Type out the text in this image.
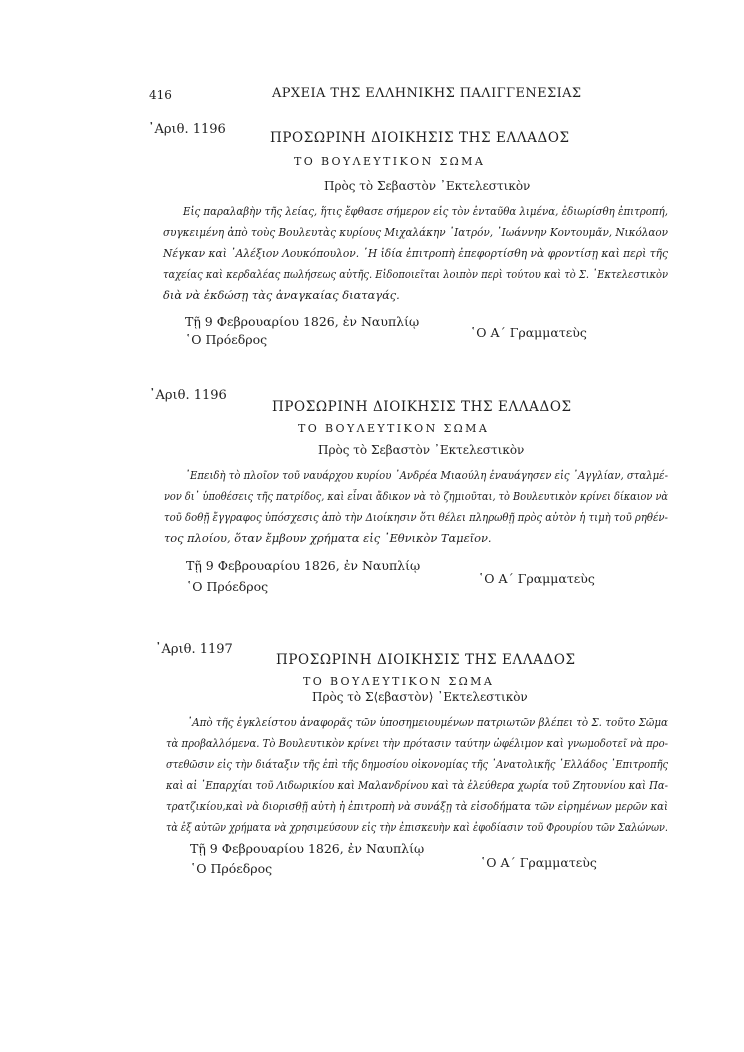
416	ΑΡΧΕΙΑ ΤΗΣ ΕΛΛΗΝΙΚΗΣ ΠΑΛΙΓΓΕΝΕΣΙΑΣ
᾿Αριθ. 1196
ΠΡΟΣΩΡΙΝΗ ΔΙΟΙΚΗΣΙΣ ΤΗΣ ΕΛΛΑΔΟΣ
ΤΟ ΒΟΥΛΕΥΤΙΚΟΝ ΣΩΜΑ
Πρὸς τὸ Σεβαστὸν ᾿Εκτελεστικὸν
Εἰς παραλαβὴν τῆς λείας, ἥτις ἔφθασε σήμερον εἰς τὸν ἐνταῦθα λιμένα, ἐδιωρίσθη ἐπιτροπή,
συγκειμένη ἀπὸ τοὺς Βουλευτὰς κυρίους Μιχαλάκην ᾿Ιατρόν, ᾿Ιωάννην Κοντουμᾶν, Νικόλαον
Νέγκαν καὶ ᾿Αλέξιον Λουκόπουλον. ῾Η ἰδία ἐπιτροπὴ ἐπεφορτίσθη νὰ φροντίσῃ καὶ περὶ τῆς
ταχείας καὶ κερδαλέας πωλήσεως αὐτῆς. Εἰδοποιεῖται λοιπὸν περὶ τούτου καὶ τὸ Σ. ᾿Εκτελεστικὸν
διὰ νὰ ἐκδώσῃ τὰς ἀναγκαίας διαταγάς.
Τῇ 9 Φεβρουαρίου 1826, ἐν Ναυπλίῳ
῾Ο Πρόεδρος	῾Ο Α΄ Γραμματεὺς
᾿Αριθ. 1196
ΠΡΟΣΩΡΙΝΗ ΔΙΟΙΚΗΣΙΣ ΤΗΣ ΕΛΛΑΔΟΣ
ΤΟ ΒΟΥΛΕΥΤΙΚΟΝ ΣΩΜΑ
Πρὸς τὸ Σεβαστὸν ᾿Εκτελεστικὸν
᾿Επειδὴ τὸ πλοῖον τοῦ ναυάρχου κυρίου ᾿Ανδρέα Μιαούλη ἐναυάγησεν εἰς ᾿Αγγλίαν, σταλμέ-
νον δι᾿ ὑποθέσεις τῆς πατρίδος, καὶ εἶναι ἄδικον νὰ τὸ ζημιοῦται, τὸ Βουλευτικὸν κρίνει δίκαιον νὰ
τοῦ δοθῇ ἔγγραφος ὑπόσχεσις ἀπὸ τὴν Διοίκησιν ὅτι θέλει πληρωθῇ πρὸς αὐτὸν ἡ τιμὴ τοῦ ρηθέν-
τος πλοίου, ὅταν ἔμβουν χρήματα εἰς ᾿Εθνικὸν Ταμεῖον.
Τῇ 9 Φεβρουαρίου 1826, ἐν Ναυπλίῳ
῾Ο Πρόεδρος
῾Ο Α΄ Γραμματεὺς
᾿Αριθ. 1197
ΠΡΟΣΩΡΙΝΗ ΔΙΟΙΚΗΣΙΣ ΤΗΣ ΕΛΛΑΔΟΣ
ΤΟ ΒΟΥΛΕΥΤΙΚΟΝ ΣΩΜΑ
Πρὸς τὸ Σ⟨εβαστὸν⟩ ᾿Εκτελεστικὸν
᾿Απὸ τῆς ἐγκλείστου ἀναφορᾶς τῶν ὑποσημειουμένων πατριωτῶν βλέπει τὸ Σ. τοῦτο Σῶμα
τὰ προβαλλόμενα. Τὸ Βουλευτικὸν κρίνει τὴν πρότασιν ταύτην ὠφέλιμον καὶ γνωμοδοτεῖ νὰ προ-
στεθῶσιν εἰς τὴν διάταξιν τῆς ἐπὶ τῆς δημοσίου οἰκονομίας τῆς ᾿Ανατολικῆς ῾Ελλάδος ᾿Επιτροπῆς
καὶ αἱ ᾿Επαρχίαι τοῦ Λιδωρικίου καὶ Μαλανδρίνου καὶ τὰ ἐλεύθερα χωρία τοῦ Ζητουνίου καὶ Πα-
τρατζικίου,καὶ νὰ διορισθῇ αὐτὴ ἡ ἐπιτροπὴ νὰ συνάξῃ τὰ εἰσοδήματα τῶν εἰρημένων μερῶν καὶ
τὰ ἐξ αὐτῶν χρήματα νὰ χρησιμεύσουν εἰς τὴν ἐπισκευὴν καὶ ἐφοδίασιν τοῦ Φρουρίου τῶν Σαλώνων.
Τῇ 9 Φεβρουαρίου 1826, ἐν Ναυπλίῳ
῾Ο Πρόεδρος	῾Ο Α΄ Γραμματεὺς
